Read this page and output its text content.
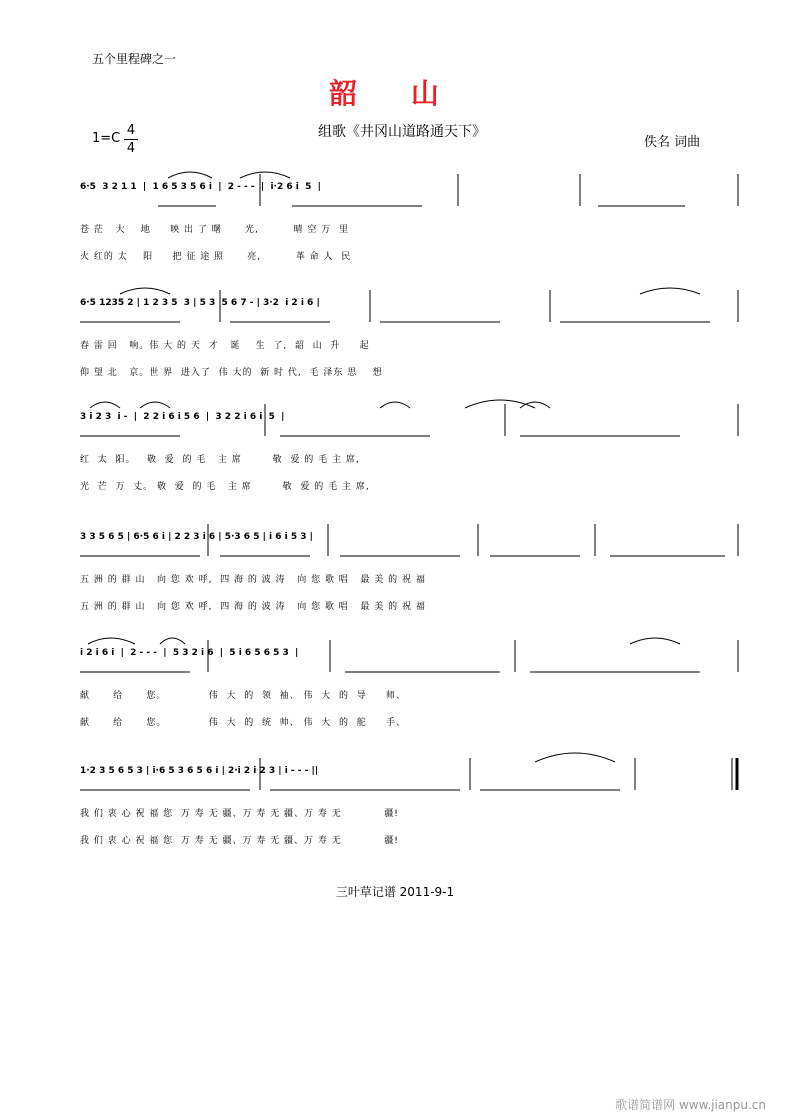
五个里程碑之一
韶 山
组歌《井冈山道路通天下》
1=C
4
4	佚名 词曲
6·5  3 2 1 1  |  1 6 5 3 5 6 i  |  2 - - -  |  i·2 6 i  5  |
苍 茫   大    地     映 出 了 曙      光,         晴 空 万  里
火 红的 太    阳     把 征 途 照      亮,         革 命 人  民
6·5 1235 2 | 1 2 3 5  3 | 5 3  5 6 7 - | 3·2  i 2 i 6 |
春 雷 回   响。伟 大 的 天  才   诞    生  了,  韶  山  升     起
仰 望 北   京。世 界  进入了  伟 大的  新 时 代,  毛 泽东 思    想
3 i 2 3  i -  |  2 2 i 6 i 5 6  |  3 2 2 i 6 i  5  |
红  太  阳。   敬  爱  的 毛   主 席        敬  爱 的 毛 主 席,
光  芒  万  丈。 敬  爱  的 毛   主 席        敬  爱 的 毛 主 席,
3 3 5 6 5 | 6·5 6 i | 2 2 3 i 6 | 5·3 6 5 | i 6 i 5 3 |
五 洲 的 群 山   向 您 欢 呼,  四 海 的 波 涛   向 您 歌 唱   最 美 的 祝 福
五 洲 的 群 山   向 您 欢 呼,  四 海 的 波 涛   向 您 歌 唱   最 美 的 祝 福
i 2 i 6 i  |  2 - - -  |  5 3 2 i 6  |  5 i 6 5 6 5 3  |
献      给      您。           伟  大  的  领  袖、 伟  大  的  导     师、
献      给      您。           伟  大  的  统  帅、 伟  大  的  舵     手、
1·2 3 5 6 5 3 | i·6 5 3 6 5 6 i | 2·i 2 i 2 3 | i - - - ||
我 们 衷 心 祝 福 您  万 寿 无 疆、万 寿 无 疆、万 寿 无           疆!
我 们 衷 心 祝 福 您  万 寿 无 疆、万 寿 无 疆、万 寿 无           疆!
三叶草记谱 2011-9-1
歌谱简谱网 www.jianpu.cn
